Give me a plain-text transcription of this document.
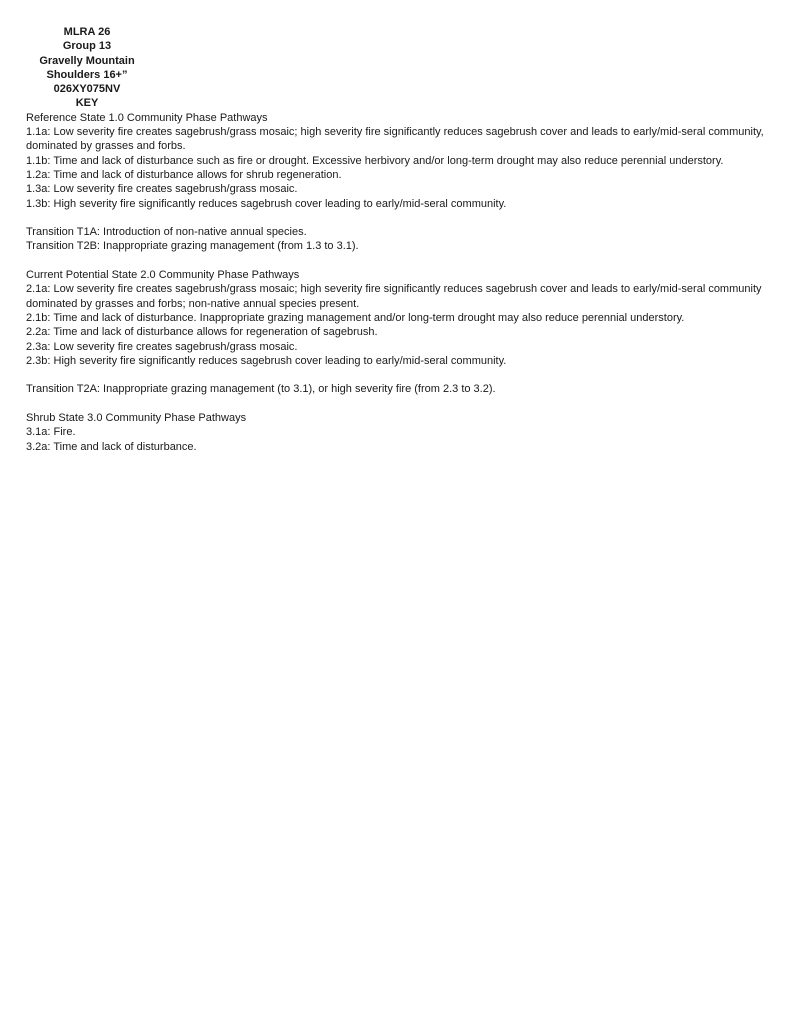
MLRA 26
Group 13
Gravelly Mountain
Shoulders 16+”
026XY075NV
KEY
Reference State 1.0 Community Phase Pathways
1.1a: Low severity fire creates sagebrush/grass mosaic; high severity fire significantly reduces sagebrush cover and leads to early/mid-seral community, dominated by grasses and forbs.
1.1b: Time and lack of disturbance such as fire or drought. Excessive herbivory and/or long-term drought may also reduce perennial understory.
1.2a: Time and lack of disturbance allows for shrub regeneration.
1.3a: Low severity fire creates sagebrush/grass mosaic.
1.3b: High severity fire significantly reduces sagebrush cover leading to early/mid-seral community.
Transition T1A: Introduction of non-native annual species.
Transition T2B: Inappropriate grazing management (from 1.3 to 3.1).
Current Potential State 2.0 Community Phase Pathways
2.1a: Low severity fire creates sagebrush/grass mosaic; high severity fire significantly reduces sagebrush cover and leads to early/mid-seral community dominated by grasses and forbs; non-native annual species present.
2.1b: Time and lack of disturbance. Inappropriate grazing management and/or long-term drought may also reduce perennial understory.
2.2a: Time and lack of disturbance allows for regeneration of sagebrush.
2.3a: Low severity fire creates sagebrush/grass mosaic.
2.3b: High severity fire significantly reduces sagebrush cover leading to early/mid-seral community.
Transition T2A: Inappropriate grazing management (to 3.1), or high severity fire (from 2.3 to 3.2).
Shrub State 3.0 Community Phase Pathways
3.1a: Fire.
3.2a: Time and lack of disturbance.
